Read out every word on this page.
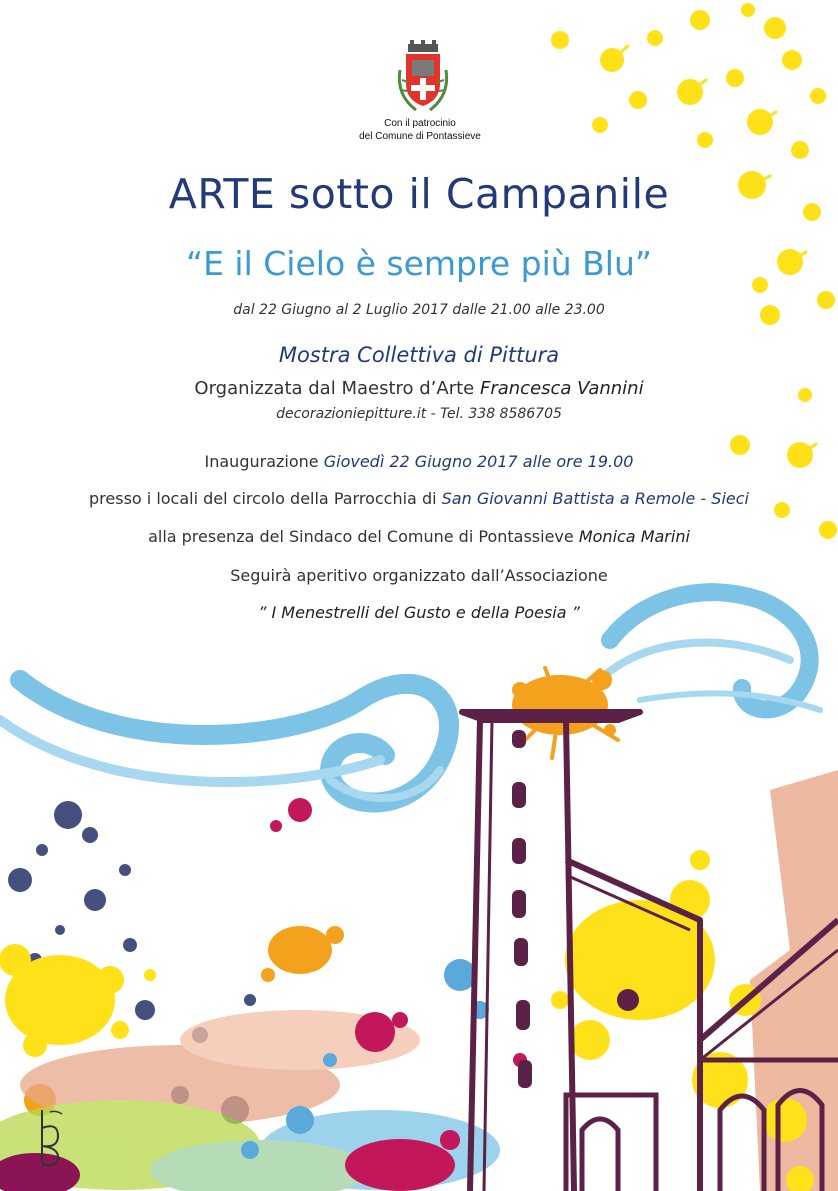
Con il patrocinio
del Comune di Pontassieve
ARTE sotto il Campanile
“E il Cielo è sempre più Blu”
dal 22 Giugno al 2 Luglio 2017 dalle 21.00 alle 23.00
Mostra Collettiva di Pittura
Organizzata dal Maestro d’Arte Francesca Vannini
decorazioniepitture.it - Tel. 338 8586705
Inaugurazione Giovedì 22 Giugno 2017 alle ore 19.00
presso i locali del circolo della Parrocchia di San Giovanni Battista a Remole - Sieci
alla presenza del Sindaco del Comune di Pontassieve Monica Marini
Seguirà aperitivo organizzato dall’Associazione
” I Menestrelli del Gusto e della Poesia ”
